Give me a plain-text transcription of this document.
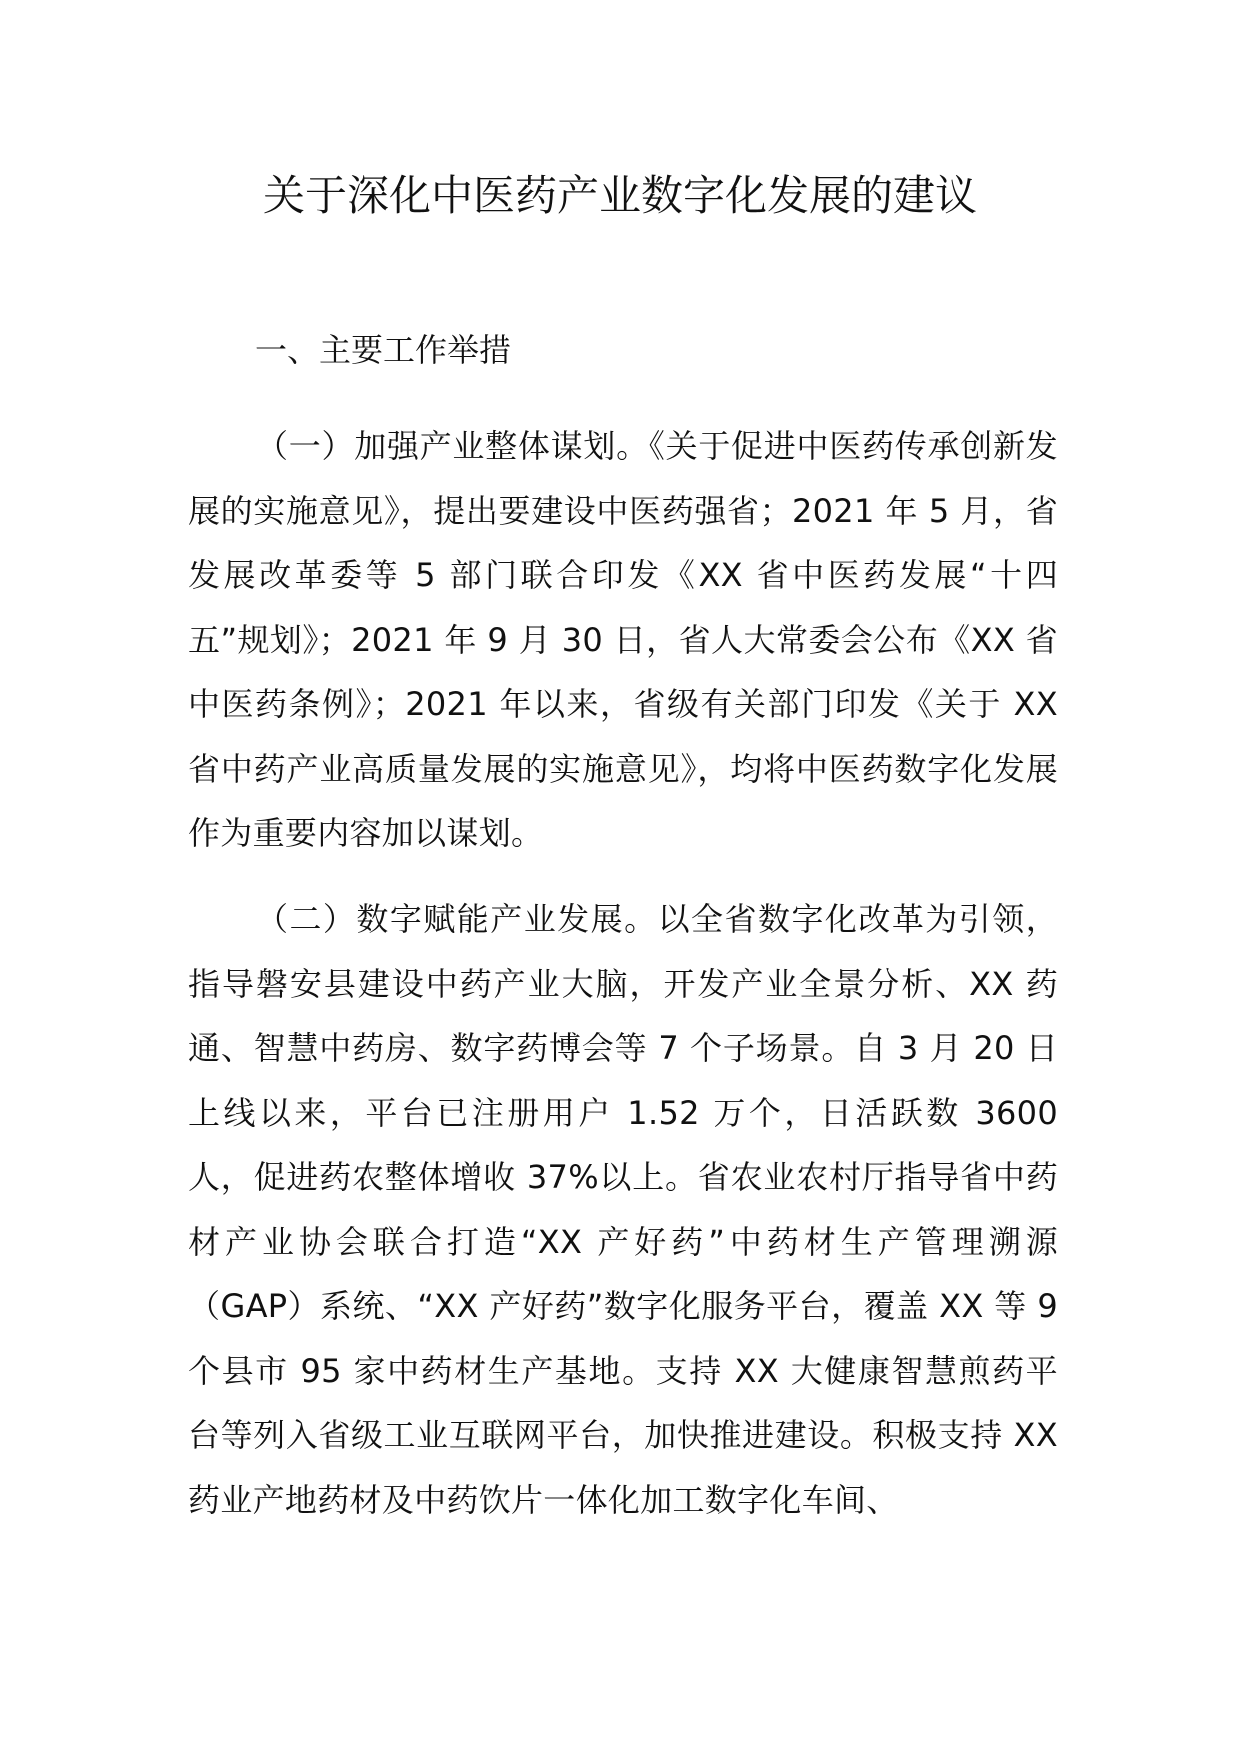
关于深化中医药产业数字化发展的建议
一、主要工作举措

（一）加强产业整体谋划。《关于促进中医药传承创新发展的实施意见》，提出要建设中医药强省；2021 年 5 月，省发展改革委等 5 部门联合印发《XX 省中医药发展“十四五”规划》；2021 年 9 月 30 日，省人大常委会公布《XX 省中医药条例》；2021 年以来，省级有关部门印发《关于 XX 省中药产业高质量发展的实施意见》，均将中医药数字化发展作为重要内容加以谋划。

（二）数字赋能产业发展。以全省数字化改革为引领，指导磐安县建设中药产业大脑，开发产业全景分析、XX 药通、智慧中药房、数字药博会等 7 个子场景。自 3 月 20 日上线以来，平台已注册用户 1.52 万个，日活跃数 3600 人，促进药农整体增收 37%以上。省农业农村厅指导省中药材产业协会联合打造“XX 产好药”中药材生产管理溯源（GAP）系统、“XX 产好药”数字化服务平台，覆盖 XX 等 9 个县市 95 家中药材生产基地。支持 XX 大健康智慧煎药平台等列入省级工业互联网平台，加快推进建设。积极支持 XX 药业产地药材及中药饮片一体化加工数字化车间、
